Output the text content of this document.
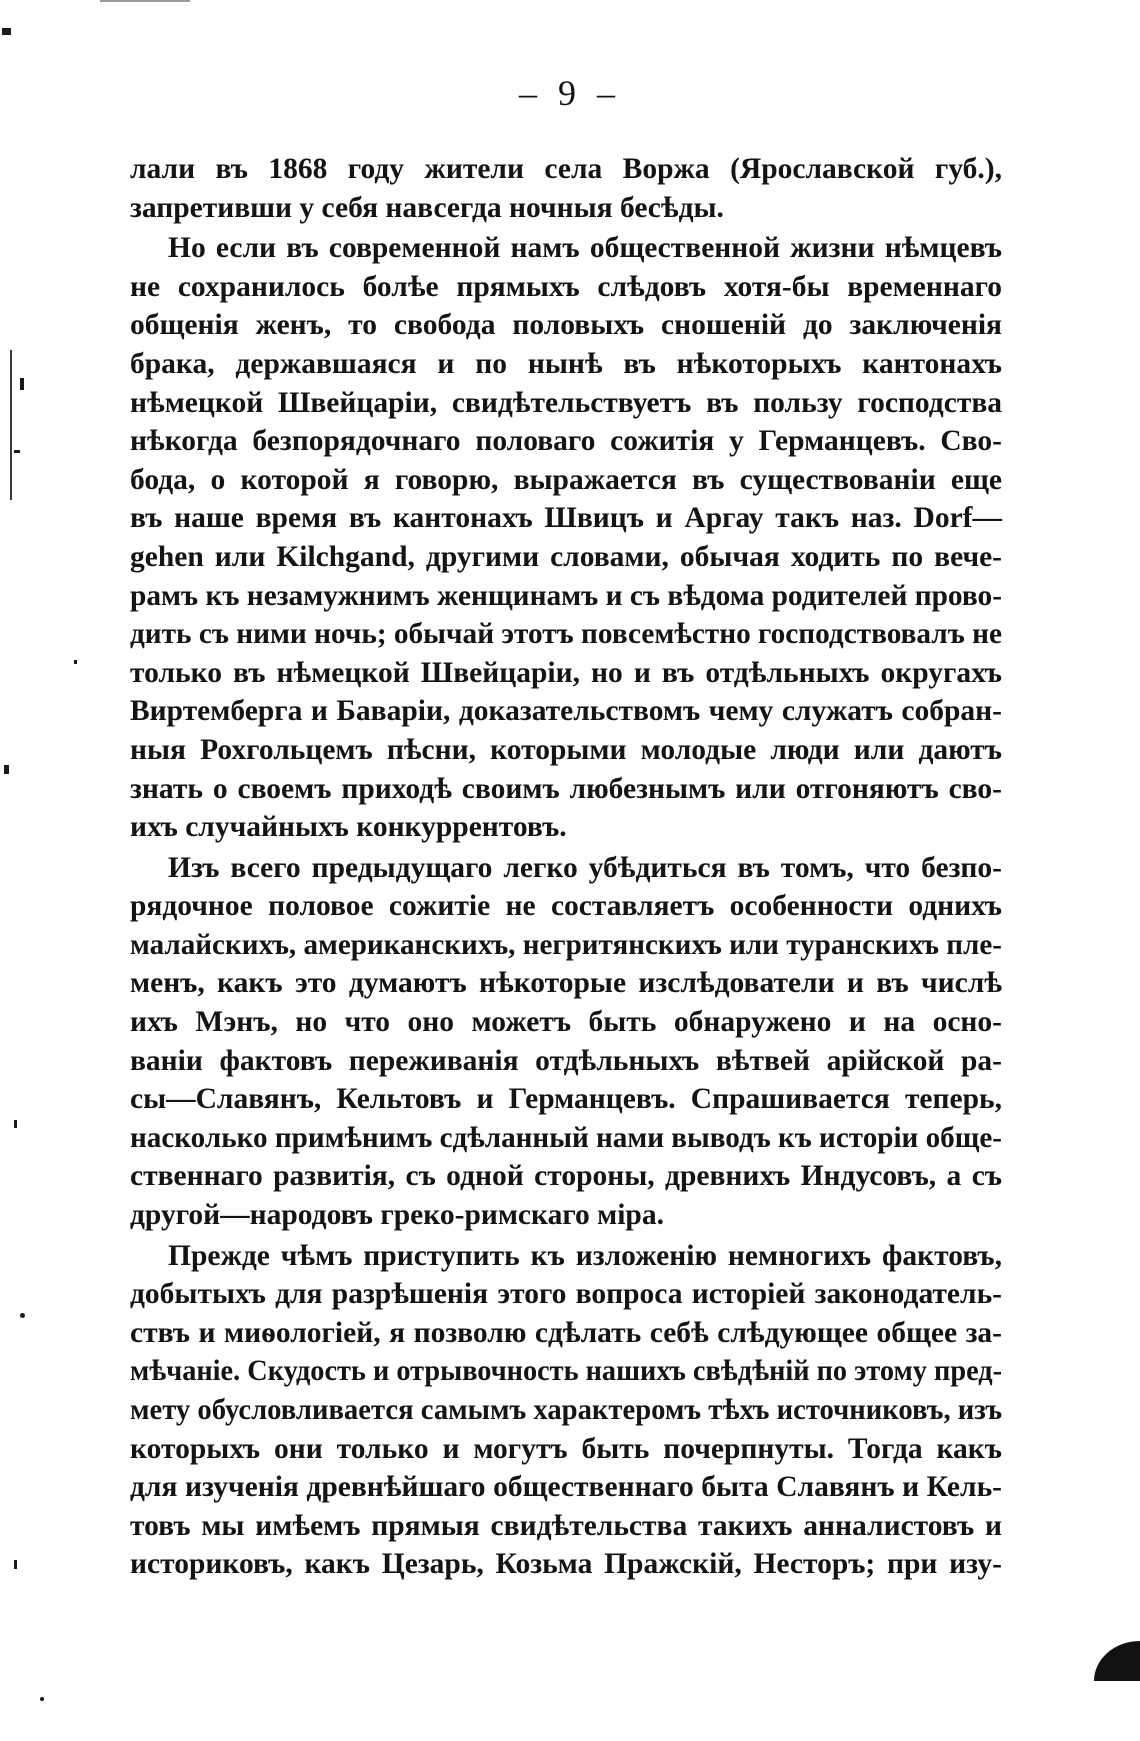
– 9 –
лали въ 1868 году жители села Воржа (Ярославской губ.),
запретивши у себя навсегда ночныя бесѣды.
Но если въ современной намъ общественной жизни нѣмцевъ
не сохранилось болѣе прямыхъ слѣдовъ хотя-бы временнаго
общенія женъ, то свобода половыхъ сношеній до заключенія
брака, державшаяся и по нынѣ въ нѣкоторыхъ кантонахъ
нѣмецкой Швейцаріи, свидѣтельствуетъ въ пользу господства
нѣкогда безпорядочнаго половаго сожитія у Германцевъ. Сво-
бода, о которой я говорю, выражается въ существованіи еще
въ наше время въ кантонахъ Швицъ и Аргау такъ наз. Dorf—
gehen или Kilchgand, другими словами, обычая ходить по вече-
рамъ къ незамужнимъ женщинамъ и съ вѣдома родителей прово-
дить съ ними ночь; обычай этотъ повсемѣстно господствовалъ не
только въ нѣмецкой Швейцаріи, но и въ отдѣльныхъ округахъ
Виртемберга и Баваріи, доказательствомъ чему служатъ собран-
ныя Рохгольцемъ пѣсни, которыми молодые люди или даютъ
знать о своемъ приходѣ своимъ любезнымъ или отгоняютъ сво-
ихъ случайныхъ конкуррентовъ.
Изъ всего предыдущаго легко убѣдиться въ томъ, что безпо-
рядочное половое сожитіе не составляетъ особенности однихъ
малайскихъ, американскихъ, негритянскихъ или туранскихъ пле-
менъ, какъ это думаютъ нѣкоторые изслѣдователи и въ числѣ
ихъ Мэнъ, но что оно можетъ быть обнаружено и на осно-
ваніи фактовъ переживанія отдѣльныхъ вѣтвей арійской ра-
сы—Славянъ, Кельтовъ и Германцевъ. Спрашивается теперь,
насколько примѣнимъ сдѣланный нами выводъ къ исторіи обще-
ственнаго развитія, съ одной стороны, древнихъ Индусовъ, а съ
другой—народовъ греко-римскаго міра.
Прежде чѣмъ приступить къ изложенію немногихъ фактовъ,
добытыхъ для разрѣшенія этого вопроса исторіей законодатель-
ствъ и миѳологіей, я позволю сдѣлать себѣ слѣдующее общее за-
мѣчаніе. Скудость и отрывочность нашихъ свѣдѣній по этому пред-
мету обусловливается самымъ характеромъ тѣхъ источниковъ, изъ
которыхъ они только и могутъ быть почерпнуты. Тогда какъ
для изученія древнѣйшаго общественнаго быта Славянъ и Кель-
товъ мы имѣемъ прямыя свидѣтельства такихъ анналистовъ и
историковъ, какъ Цезарь, Козьма Пражскій, Несторъ; при изу-
